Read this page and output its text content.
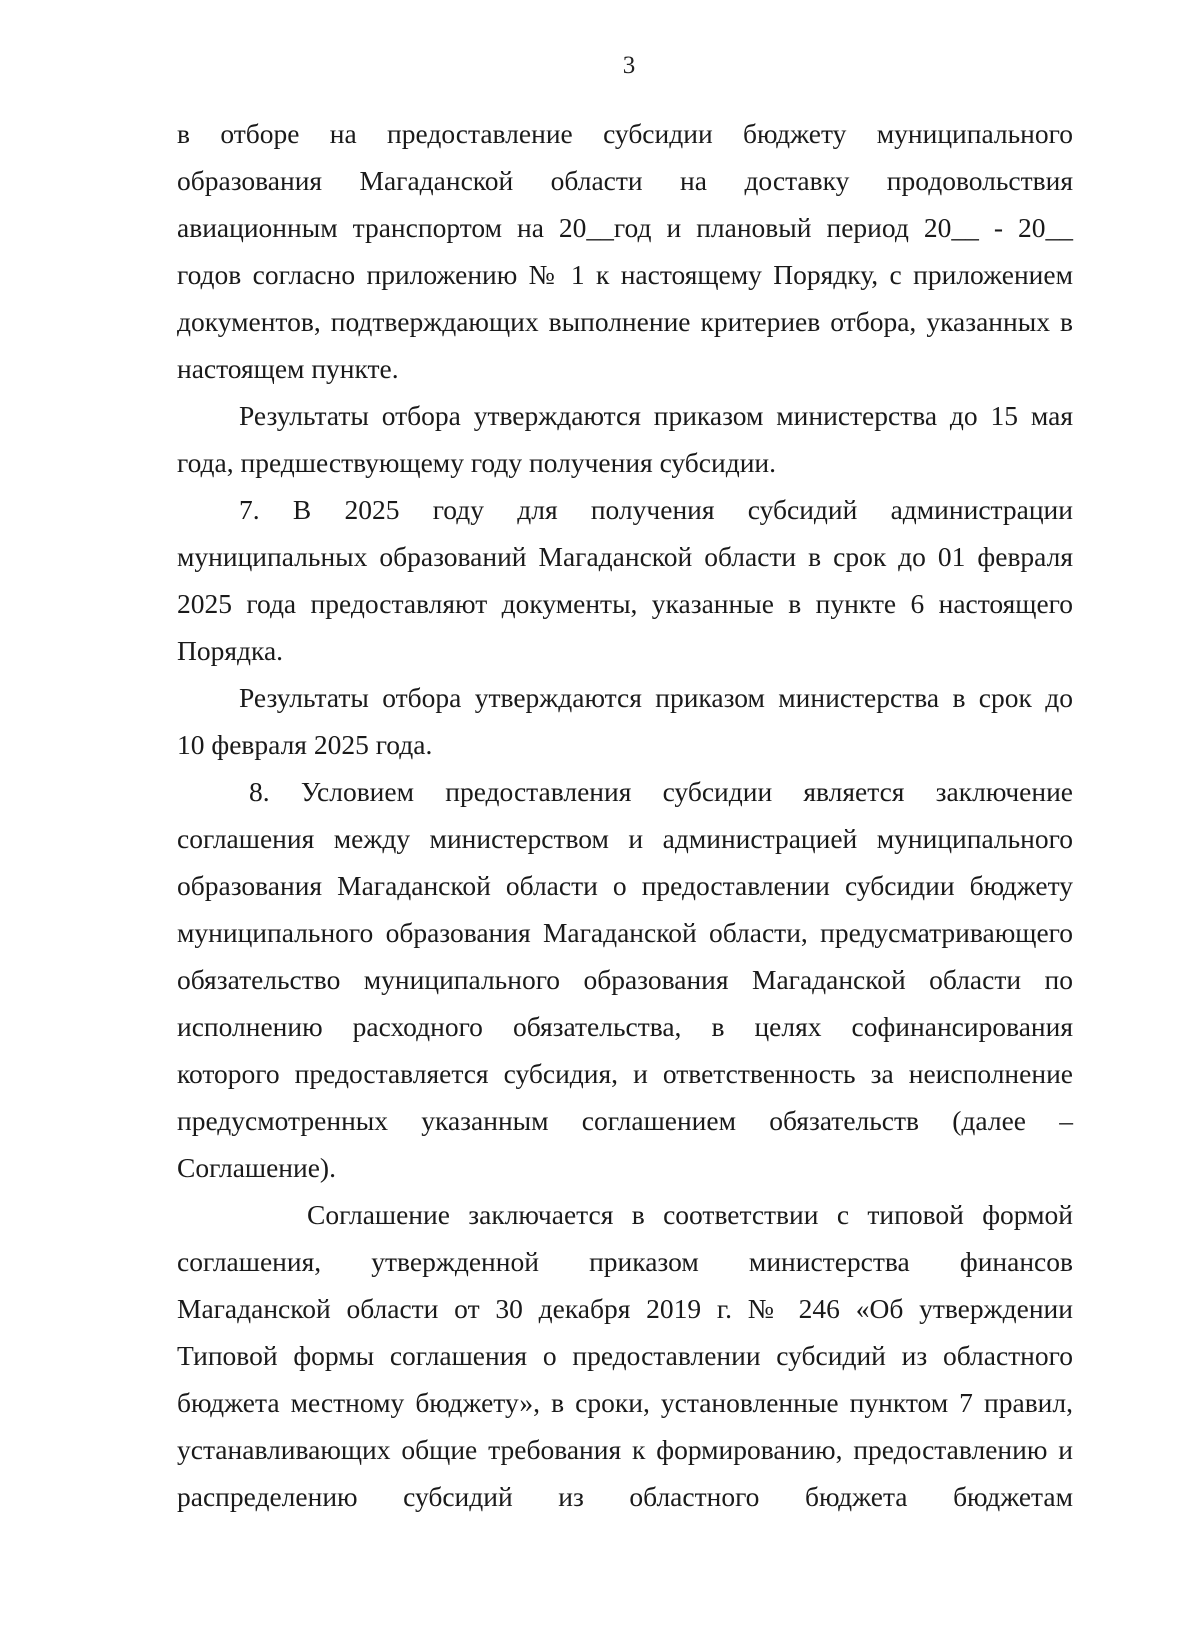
3
в отборе на предоставление субсидии бюджету муниципального
образования Магаданской области на доставку продовольствия
авиационным транспортом на 20__год и плановый период 20__ - 20__
годов согласно приложению № 1 к настоящему Порядку, с приложением
документов, подтверждающих выполнение критериев отбора, указанных в
настоящем пункте.
Результаты отбора утверждаются приказом министерства до 15 мая
года, предшествующему году получения субсидии.
7. В 2025 году для получения субсидий администрации
муниципальных образований Магаданской области в срок до 01 февраля
2025 года предоставляют документы, указанные в пункте 6 настоящего
Порядка.
Результаты отбора утверждаются приказом министерства в срок до
10 февраля 2025 года.
8. Условием предоставления субсидии является заключение
соглашения между министерством и администрацией муниципального
образования Магаданской области о предоставлении субсидии бюджету
муниципального образования Магаданской области, предусматривающего
обязательство муниципального образования Магаданской области по
исполнению расходного обязательства, в целях софинансирования
которого предоставляется субсидия, и ответственность за неисполнение
предусмотренных указанным соглашением обязательств (далее –
Соглашение).
Соглашение заключается в соответствии с типовой формой
соглашения, утвержденной приказом министерства финансов
Магаданской области от 30 декабря 2019 г. № 246 «Об утверждении
Типовой формы соглашения о предоставлении субсидий из областного
бюджета местному бюджету», в сроки, установленные пунктом 7 правил,
устанавливающих общие требования к формированию, предоставлению и
распределению субсидий из областного бюджета бюджетам
